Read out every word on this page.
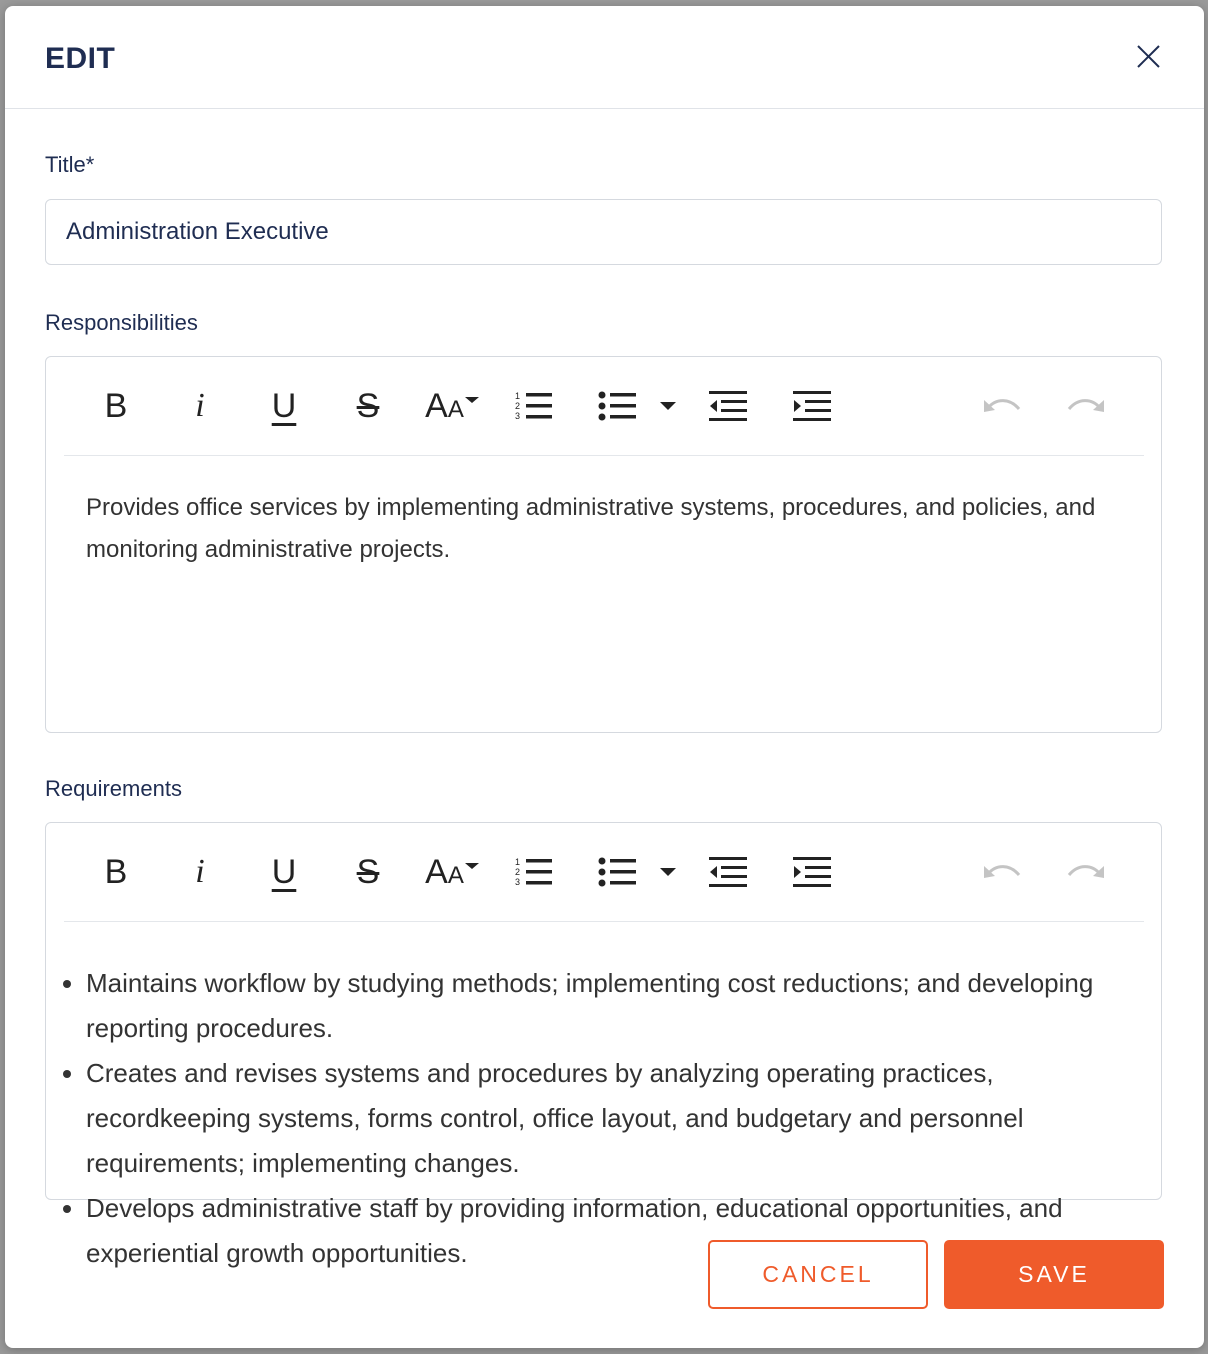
EDIT
Title*
Administration Executive
Responsibilities
B i U S AA	1
2
3
Provides office services by implementing administrative systems, procedures, and policies, and monitoring administrative projects.
Requirements
B i U S AA	1
2
3
• Maintains workflow by studying methods; implementing cost reductions; and developing reporting procedures.
• Creates and revises systems and procedures by analyzing operating practices, recordkeeping systems, forms control, office layout, and budgetary and personnel requirements; implementing changes.
• Develops administrative staff by providing information, educational opportunities, and experiential growth opportunities.
CANCEL	SAVE
